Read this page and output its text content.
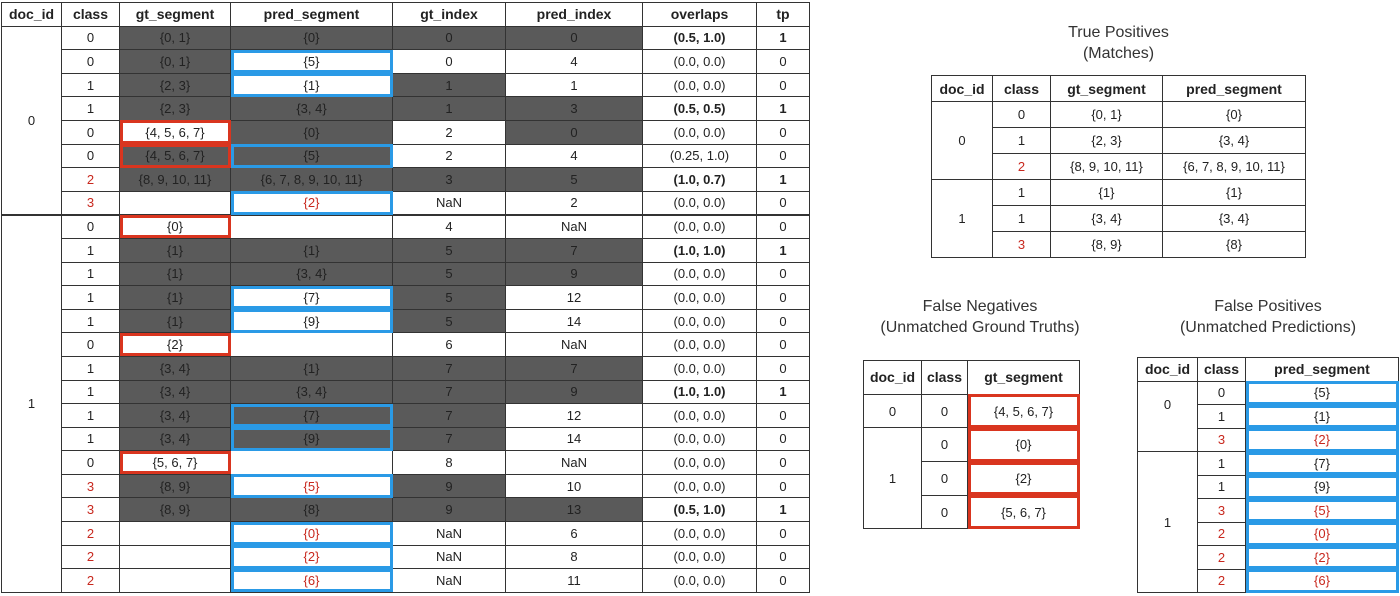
doc_id	class	gt_segment	pred_segment	gt_index	pred_index	overlaps	tp
0	0	{0, 1}	{0}	0	0	(0.5, 1.0)	1
	0	{0, 1}	{5}	0	4	(0.0, 0.0)	0
	1	{2, 3}	{1}	1	1	(0.0, 0.0)	0
	1	{2, 3}	{3, 4}	1	3	(0.5, 0.5)	1
	0	{4, 5, 6, 7}	{0}	2	0	(0.0, 0.0)	0
	0	{4, 5, 6, 7}	{5}	2	4	(0.25, 1.0)	0
	2	{8, 9, 10, 11}	{6, 7, 8, 9, 10, 11}	3	5	(1.0, 0.7)	1
	3		{2}	NaN	2	(0.0, 0.0)	0
1	0	{0}		4	NaN	(0.0, 0.0)	0
	1	{1}	{1}	5	7	(1.0, 1.0)	1
	1	{1}	{3, 4}	5	9	(0.0, 0.0)	0
	1	{1}	{7}	5	12	(0.0, 0.0)	0
	1	{1}	{9}	5	14	(0.0, 0.0)	0
	0	{2}		6	NaN	(0.0, 0.0)	0
	1	{3, 4}	{1}	7	7	(0.0, 0.0)	0
	1	{3, 4}	{3, 4}	7	9	(1.0, 1.0)	1
	1	{3, 4}	{7}	7	12	(0.0, 0.0)	0
	1	{3, 4}	{9}	7	14	(0.0, 0.0)	0
	0	{5, 6, 7}		8	NaN	(0.0, 0.0)	0
	3	{8, 9}	{5}	9	10	(0.0, 0.0)	0
	3	{8, 9}	{8}	9	13	(0.5, 1.0)	1
	2		{0}	NaN	6	(0.0, 0.0)	0
	2		{2}	NaN	8	(0.0, 0.0)	0
	2		{6}	NaN	11	(0.0, 0.0)	0
True Positives
(Matches)
doc_id	class	gt_segment	pred_segment
0	0	{0, 1}	{0}
	1	{2, 3}	{3, 4}
	2	{8, 9, 10, 11}	{6, 7, 8, 9, 10, 11}
1	1	{1}	{1}
	1	{3, 4}	{3, 4}
	3	{8, 9}	{8}
False Negatives
(Unmatched Ground Truths)
doc_id	class	gt_segment
0	0	{4, 5, 6, 7}
1	0	{0}
	0	{2}
	0	{5, 6, 7}
False Positives
(Unmatched Predictions)
doc_id	class	pred_segment
0	0	{5}
	1	{1}
	3	{2}
1	1	{7}
	1	{9}
	3	{5}
	2	{0}
	2	{2}
	2	{6}
